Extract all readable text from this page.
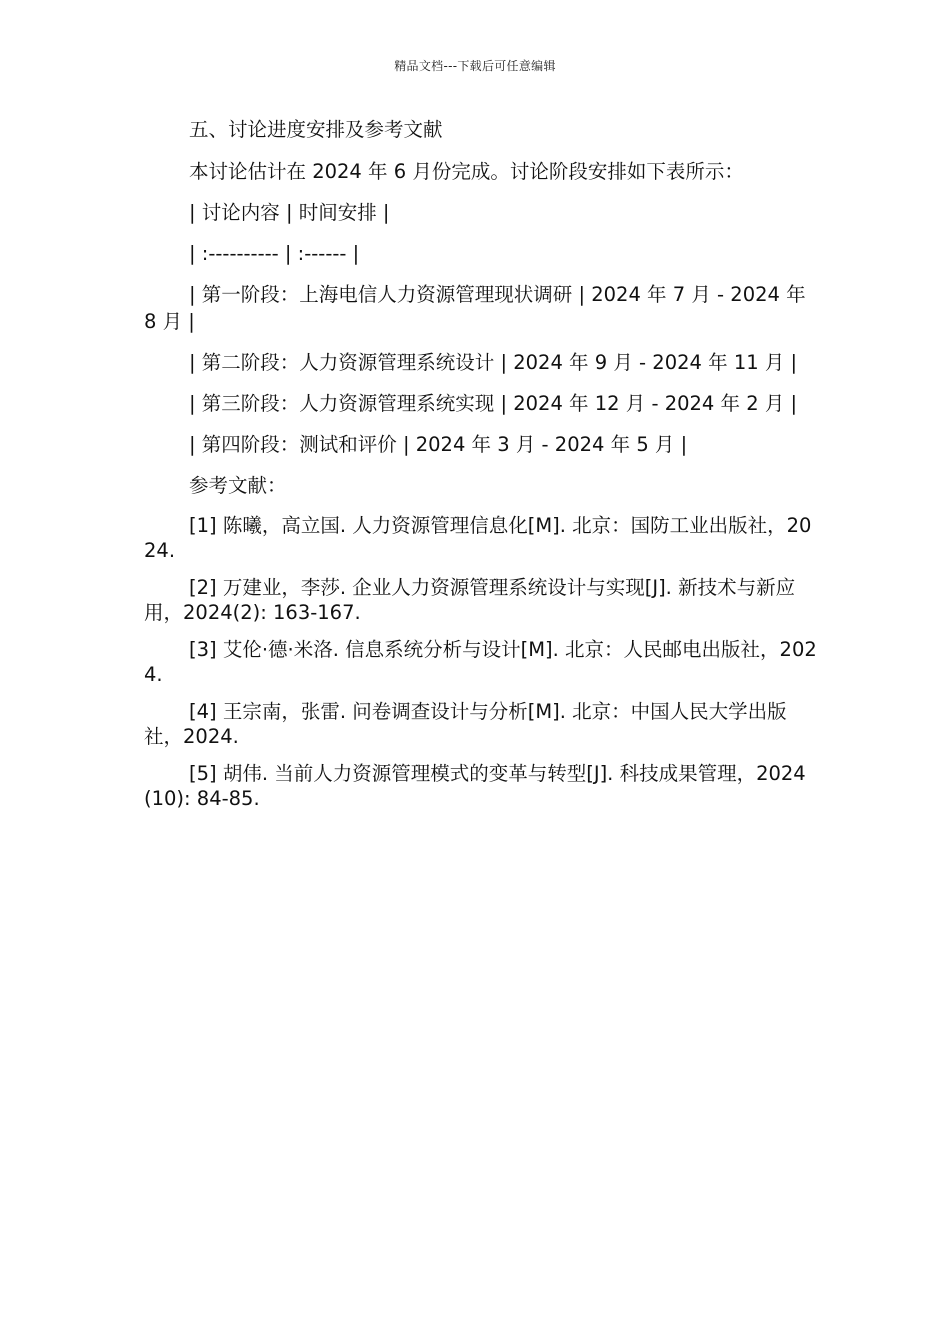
精品文档---下载后可任意编辑

五、讨论进度安排及参考文献

本讨论估计在 2024 年 6 月份完成。讨论阶段安排如下表所示：

| 讨论内容 | 时间安排 |

| :---------- | :------ |

| 第一阶段：上海电信人力资源管理现状调研 | 2024 年 7 月 - 2024 年 8 月 |

| 第二阶段：人力资源管理系统设计 | 2024 年 9 月 - 2024 年 11 月 |

| 第三阶段：人力资源管理系统实现 | 2024 年 12 月 - 2024 年 2 月 |

| 第四阶段：测试和评价 | 2024 年 3 月 - 2024 年 5 月 |

参考文献：

[1] 陈曦，高立国. 人力资源管理信息化[M]. 北京：国防工业出版社，2024.

[2] 万建业，李莎. 企业人力资源管理系统设计与实现[J]. 新技术与新应用，2024(2): 163-167.

[3] 艾伦·德·米洛. 信息系统分析与设计[M]. 北京：人民邮电出版社，2024.

[4] 王宗南，张雷. 问卷调查设计与分析[M]. 北京：中国人民大学出版社，2024.

[5] 胡伟. 当前人力资源管理模式的变革与转型[J]. 科技成果管理，2024(10): 84-85.
